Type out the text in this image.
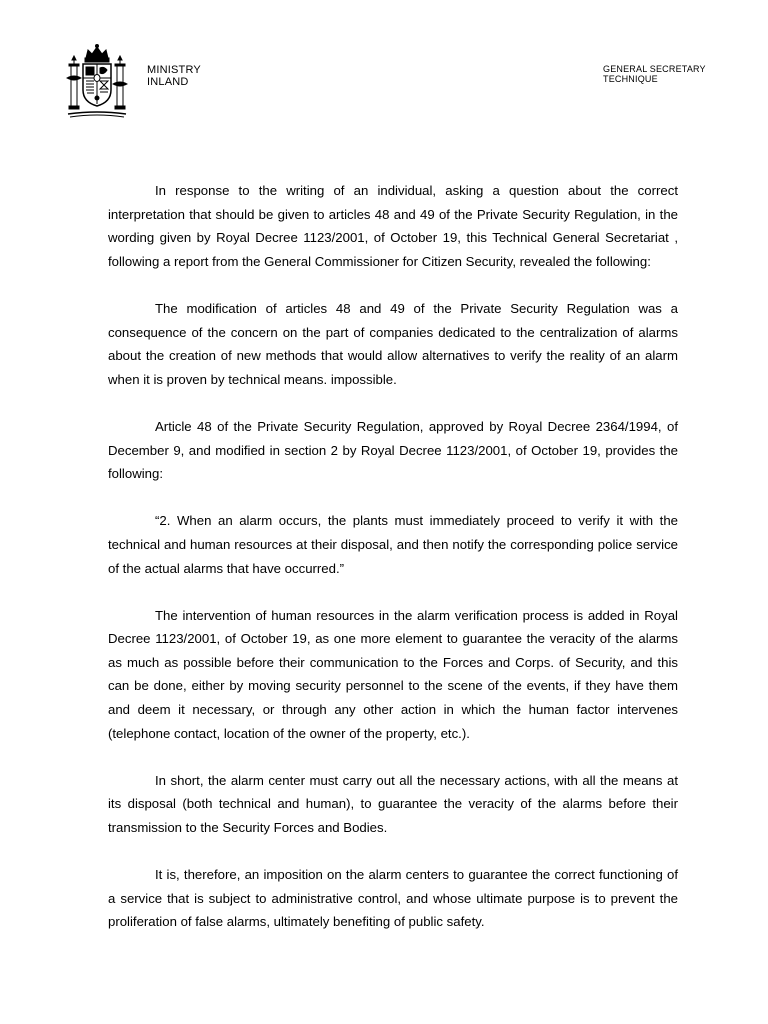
MINISTRY
INLAND
GENERAL SECRETARY
TECHNIQUE

In response to the writing of an individual, asking a question about the correct interpretation that should be given to articles 48 and 49 of the Private Security Regulation, in the wording given by Royal Decree 1123/2001, of October 19, this Technical General Secretariat , following a report from the General Commissioner for Citizen Security, revealed the following:

The modification of articles 48 and 49 of the Private Security Regulation was a consequence of the concern on the part of companies dedicated to the centralization of alarms about the creation of new methods that would allow alternatives to verify the reality of an alarm when it is proven by technical means. impossible.

Article 48 of the Private Security Regulation, approved by Royal Decree 2364/1994, of December 9, and modified in section 2 by Royal Decree 1123/2001, of October 19, provides the following:

“2. When an alarm occurs, the plants must immediately proceed to verify it with the technical and human resources at their disposal, and then notify the corresponding police service of the actual alarms that have occurred.”

The intervention of human resources in the alarm verification process is added in Royal Decree 1123/2001, of October 19, as one more element to guarantee the veracity of the alarms as much as possible before their communication to the Forces and Corps. of Security, and this can be done, either by moving security personnel to the scene of the events, if they have them and deem it necessary, or through any other action in which the human factor intervenes (telephone contact, location of the owner of the property, etc.).

In short, the alarm center must carry out all the necessary actions, with all the means at its disposal (both technical and human), to guarantee the veracity of the alarms before their transmission to the Security Forces and Bodies.

It is, therefore, an imposition on the alarm centers to guarantee the correct functioning of a service that is subject to administrative control, and whose ultimate purpose is to prevent the proliferation of false alarms, ultimately benefiting of public safety.
